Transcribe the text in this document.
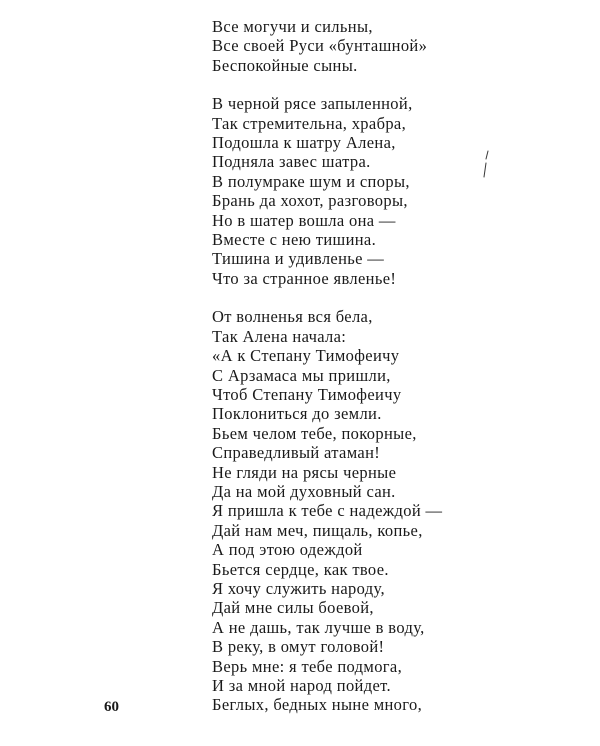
Все могучи и сильны,
Все своей Руси «бунташной»
Беспокойные сыны.
В черной рясе запыленной,
Так стремительна, храбра,
Подошла к шатру Алена,
Подняла завес шатра.
В полумраке шум и споры,
Брань да хохот, разговоры,
Но в шатер вошла она —
Вместе с нею тишина.
Тишина и удивленье —
Что за странное явленье!
От волненья вся бела,
Так Алена начала:
«А к Степану Тимофеичу
С Арзамаса мы пришли,
Чтоб Степану Тимофеичу
Поклониться до земли.
Бьем челом тебе, покорные,
Справедливый атаман!
Не гляди на рясы черные
Да на мой духовный сан.
Я пришла к тебе с надеждой —
Дай нам меч, пищаль, копье,
А под этою одеждой
Бьется сердце, как твое.
Я хочу служить народу,
Дай мне силы боевой,
А не дашь, так лучше в воду,
В реку, в омут головой!
Верь мне: я тебе подмога,
И за мной народ пойдет.
Беглых, бедных ныне много,
60
